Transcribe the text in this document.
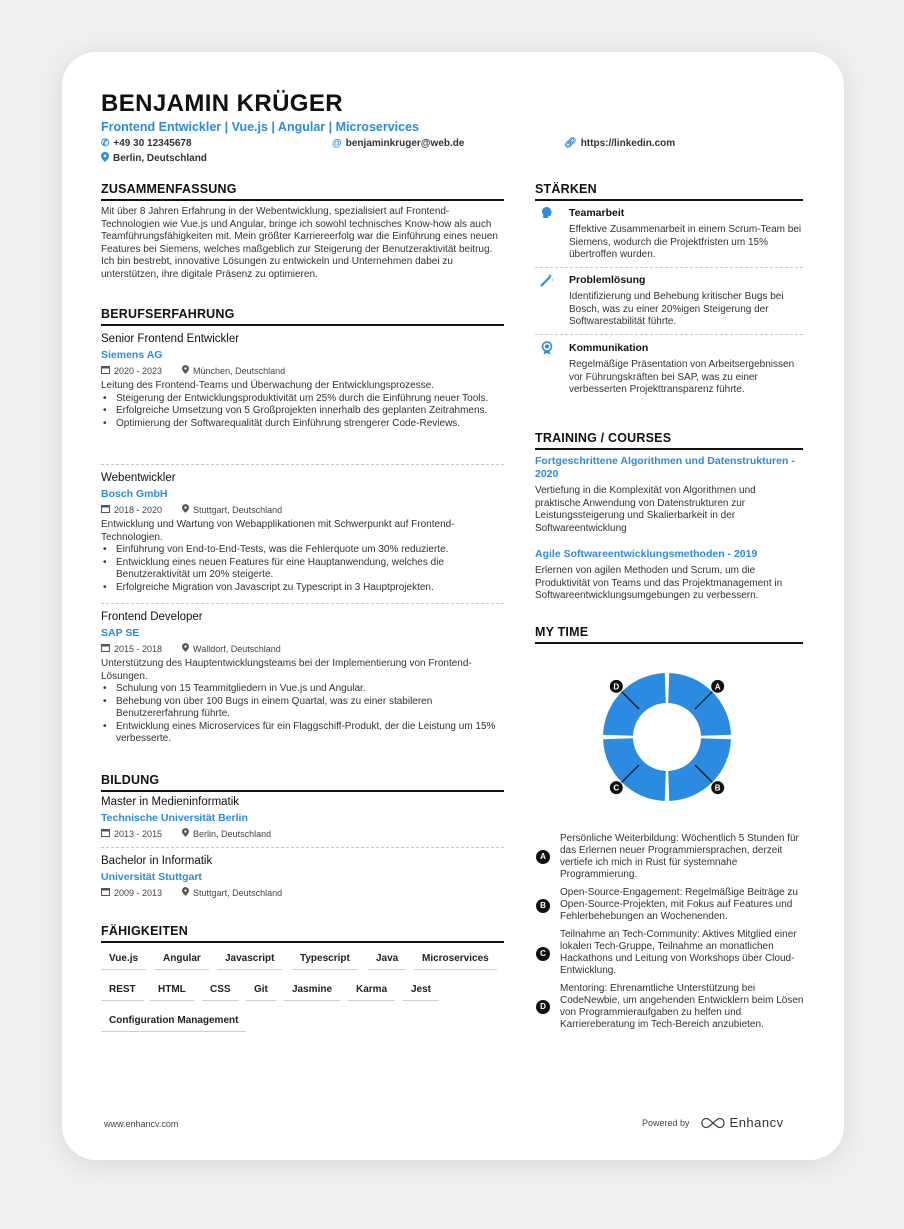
BENJAMIN KRÜGER
Frontend Entwickler | Vue.js | Angular | Microservices
✆ +49 30 12345678	@ benjaminkruger@web.de	🔗︎ https://linkedin.com
Berlin, Deutschland
ZUSAMMENFASSUNG
Mit über 8 Jahren Erfahrung in der Webentwicklung, spezialisiert auf Frontend-Technologien wie Vue.js und Angular, bringe ich sowohl technisches Know-how als auch Teamführungsfähigkeiten mit. Mein größter Karriereerfolg war die Einführung eines neuen Features bei Siemens, welches maßgeblich zur Steigerung der Benutzeraktivität beitrug. Ich bin bestrebt, innovative Lösungen zu entwickeln und Unternehmen dabei zu unterstützen, ihre digitale Präsenz zu optimieren.
BERUFSERFAHRUNG
Senior Frontend Entwickler
Siemens AG
2020 - 2023	München, Deutschland
Leitung des Frontend-Teams und Überwachung der Entwicklungsprozesse.
• Steigerung der Entwicklungsproduktivität um 25% durch die Einführung neuer Tools.
• Erfolgreiche Umsetzung von 5 Großprojekten innerhalb des geplanten Zeitrahmens.
• Optimierung der Softwarequalität durch Einführung strengerer Code-Reviews.
Webentwickler
Bosch GmbH
2018 - 2020	Stuttgart, Deutschland
Entwicklung und Wartung von Webapplikationen mit Schwerpunkt auf Frontend-Technologien.
• Einführung von End-to-End-Tests, was die Fehlerquote um 30% reduzierte.
• Entwicklung eines neuen Features für eine Hauptanwendung, welches die Benutzeraktivität um 20% steigerte.
• Erfolgreiche Migration von Javascript zu Typescript in 3 Hauptprojekten.
Frontend Developer
SAP SE
2015 - 2018	Walldorf, Deutschland
Unterstützung des Hauptentwicklungsteams bei der Implementierung von Frontend-Lösungen.
• Schulung von 15 Teammitgliedern in Vue.js und Angular.
• Behebung von über 100 Bugs in einem Quartal, was zu einer stabileren Benutzererfahrung führte.
• Entwicklung eines Microservices für ein Flaggschiff-Produkt, der die Leistung um 15% verbesserte.
BILDUNG
Master in Medieninformatik
Technische Universität Berlin
2013 - 2015	Berlin, Deutschland
Bachelor in Informatik
Universität Stuttgart
2009 - 2013	Stuttgart, Deutschland
FÄHIGKEITEN
Vue.js	Angular	Javascript	Typescript	Java	Microservices
REST	HTML	CSS	Git	Jasmine	Karma	Jest
Configuration Management
STÄRKEN
Teamarbeit
Effektive Zusammenarbeit in einem Scrum-Team bei Siemens, wodurch die Projektfristen um 15% übertroffen wurden.
Problemlösung
Identifizierung und Behebung kritischer Bugs bei Bosch, was zu einer 20%igen Steigerung der Softwarestabilität führte.
Kommunikation
Regelmäßige Präsentation von Arbeitsergebnissen vor Führungskräften bei SAP, was zu einer verbesserten Projekttransparenz führte.
TRAINING / COURSES
Fortgeschrittene Algorithmen und Datenstrukturen - 2020
Vertiefung in die Komplexität von Algorithmen und praktische Anwendung von Datenstrukturen zur Leistungssteigerung und Skalierbarkeit in der Softwareentwicklung
Agile Softwareentwicklungsmethoden - 2019
Erlernen von agilen Methoden und Scrum, um die Produktivität von Teams und das Projektmanagement in Softwareentwicklungsumgebungen zu verbessern.
MY TIME
A
B
C
D
A
Persönliche Weiterbildung: Wöchentlich 5 Stunden für das Erlernen neuer Programmiersprachen, derzeit vertiefe ich mich in Rust für systemnahe Programmierung.
B
Open-Source-Engagement: Regelmäßige Beiträge zu Open-Source-Projekten, mit Fokus auf Features und Fehlerbehebungen an Wochenenden.
C
Teilnahme an Tech-Community: Aktives Mitglied einer lokalen Tech-Gruppe, Teilnahme an monatlichen Hackathons und Leitung von Workshops über Cloud-Entwicklung.
D
Mentoring: Ehrenamtliche Unterstützung bei CodeNewbie, um angehenden Entwicklern beim Lösen von Programmieraufgaben zu helfen und Karriereberatung im Tech-Bereich anzubieten.
www.enhancv.com	Powered by	Enhancv
